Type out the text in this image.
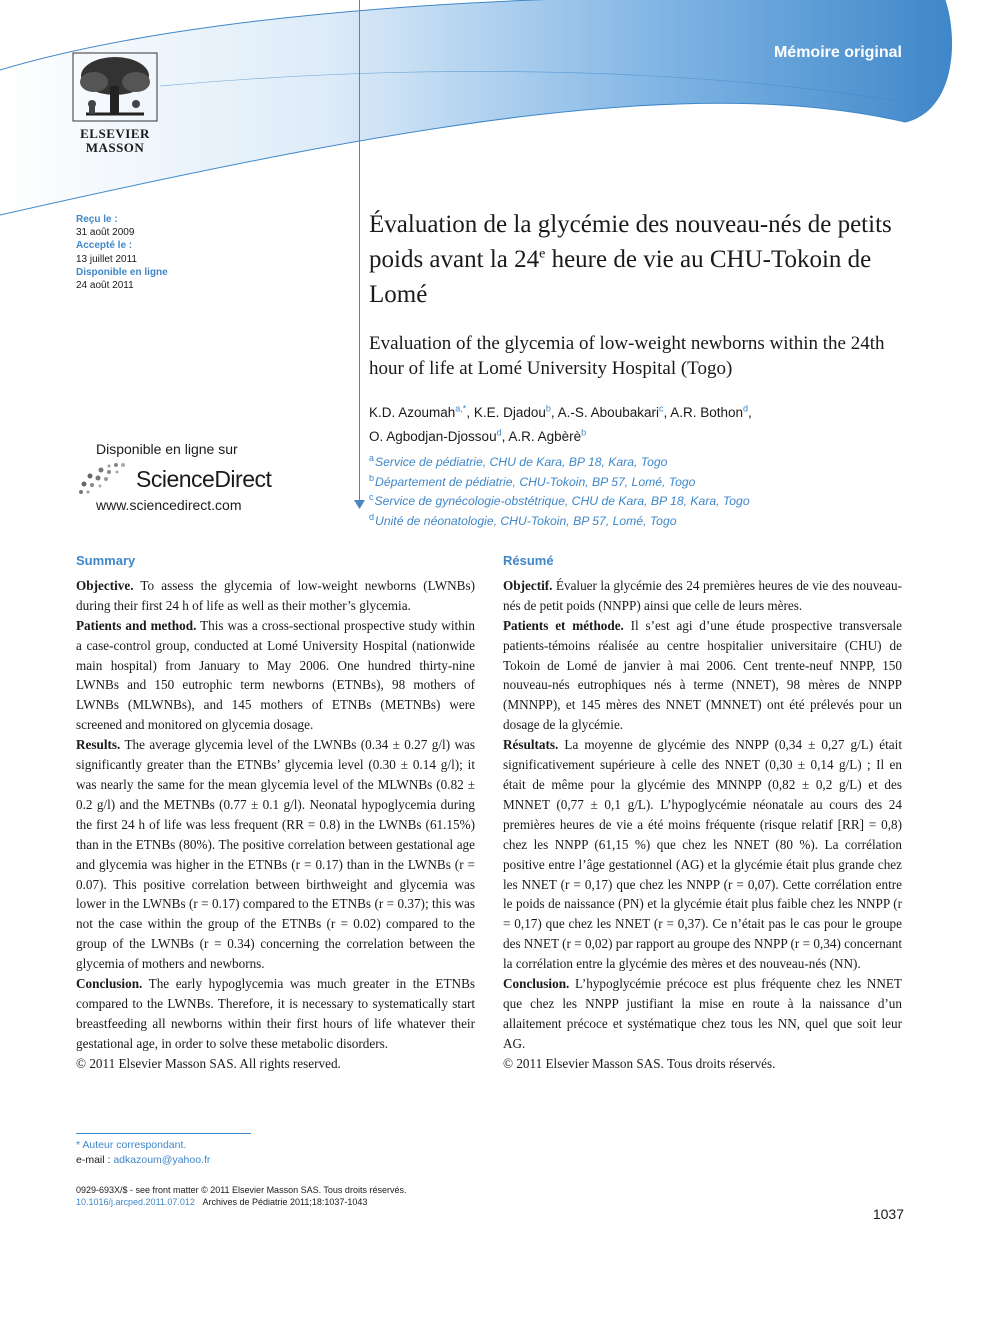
Mémoire original

ELSEVIER

MASSON

Reçu le :
31 août 2009
Accepté le :
13 juillet 2011
Disponible en ligne
24 août 2011
Disponible en ligne sur
ScienceDirect
www.sciencedirect.com
Évaluation de la glycémie des nouveau-nés de petits poids avant la 24e heure de vie au CHU-Tokoin de Lomé
Evaluation of the glycemia of low-weight newborns within the 24th hour of life at Lomé University Hospital (Togo)
K.D. Azoumah$^{a,*}$, K.E. Djadou$^b$, A.-S. Aboubakari$^c$, A.R. Bothon$^d$,
O. Agbodjan-Djossou$^d$, A.R. Agbèrè$^b$
$^a$Service de pédiatrie, CHU de Kara, BP 18, Kara, Togo
$^b$Département de pédiatrie, CHU-Tokoin, BP 57, Lomé, Togo
$^c$Service de gynécologie-obstétrique, CHU de Kara, BP 18, Kara, Togo
$^d$Unité de néonatologie, CHU-Tokoin, BP 57, Lomé, Togo
Summary

Objective. To assess the glycemia of low-weight newborns (LWNBs) during their first 24 h of life as well as their mother’s glycemia.

Patients and method. This was a cross-sectional prospective study within a case-control group, conducted at Lomé University Hospital (nationwide main hospital) from January to May 2006. One hundred thirty-nine LWNBs and 150 eutrophic term newborns (ETNBs), 98 mothers of LWNBs (MLWNBs), and 145 mothers of ETNBs (METNBs) were screened and monitored on glycemia dosage.

Results. The average glycemia level of the LWNBs (0.34 ± 0.27 g/l) was significantly greater than the ETNBs’ glycemia level (0.30 ± 0.14 g/l); it was nearly the same for the mean glycemia level of the MLWNBs (0.82 ± 0.2 g/l) and the METNBs (0.77 ± 0.1 g/l). Neonatal hypoglycemia during the first 24 h of life was less frequent (RR = 0.8) in the LWNBs (61.15%) than in the ETNBs (80%). The positive correlation between gestational age and glycemia was higher in the ETNBs (r = 0.17) than in the LWNBs (r = 0.07). This positive correlation between birthweight and glycemia was lower in the LWNBs (r = 0.17) compared to the ETNBs (r = 0.37); this was not the case within the group of the ETNBs (r = 0.02) compared to the group of the LWNBs (r = 0.34) concerning the correlation between the glycemia of mothers and newborns.

Conclusion. The early hypoglycemia was much greater in the ETNBs compared to the LWNBs. Therefore, it is necessary to systematically start breastfeeding all newborns within their first hours of life whatever their gestational age, in order to solve these metabolic disorders.

© 2011 Elsevier Masson SAS. All rights reserved.

Résumé

Objectif. Évaluer la glycémie des 24 premières heures de vie des nouveau-nés de petit poids (NNPP) ainsi que celle de leurs mères.

Patients et méthode. Il s’est agi d’une étude prospective transversale patients-témoins réalisée au centre hospitalier universitaire (CHU) de Tokoin de Lomé de janvier à mai 2006. Cent trente-neuf NNPP, 150 nouveau-nés eutrophiques nés à terme (NNET), 98 mères de NNPP (MNNPP), et 145 mères des NNET (MNNET) ont été prélevés pour un dosage de la glycémie.

Résultats. La moyenne de glycémie des NNPP (0,34 ± 0,27 g/L) était significativement supérieure à celle des NNET (0,30 ± 0,14 g/L) ; Il en était de même pour la glycémie des MNNPP (0,82 ± 0,2 g/L) et des MNNET (0,77 ± 0,1 g/L). L’hypoglycémie néonatale au cours des 24 premières heures de vie a été moins fréquente (risque relatif [RR] = 0,8) chez les NNPP (61,15 %) que chez les NNET (80 %). La corrélation positive entre l’âge gestationnel (AG) et la glycémie était plus grande chez les NNET (r = 0,17) que chez les NNPP (r = 0,07). Cette corrélation entre le poids de naissance (PN) et la glycémie était plus faible chez les NNPP (r = 0,17) que chez les NNET (r = 0,37). Ce n’était pas le cas pour le groupe des NNET (r = 0,02) par rapport au groupe des NNPP (r = 0,34) concernant la corrélation entre la glycémie des mères et des nouveau-nés (NN).

Conclusion. L’hypoglycémie précoce est plus fréquente chez les NNET que chez les NNPP justifiant la mise en route à la naissance d’un allaitement précoce et systématique chez tous les NN, quel que soit leur AG.

© 2011 Elsevier Masson SAS. Tous droits réservés.

* Auteur correspondant.
e-mail : adkazoum@yahoo.fr
0929-693X/$ - see front matter © 2011 Elsevier Masson SAS. Tous droits réservés.
10.1016/j.arcped.2011.07.012 Archives de Pédiatrie 2011;18:1037-1043
1037
